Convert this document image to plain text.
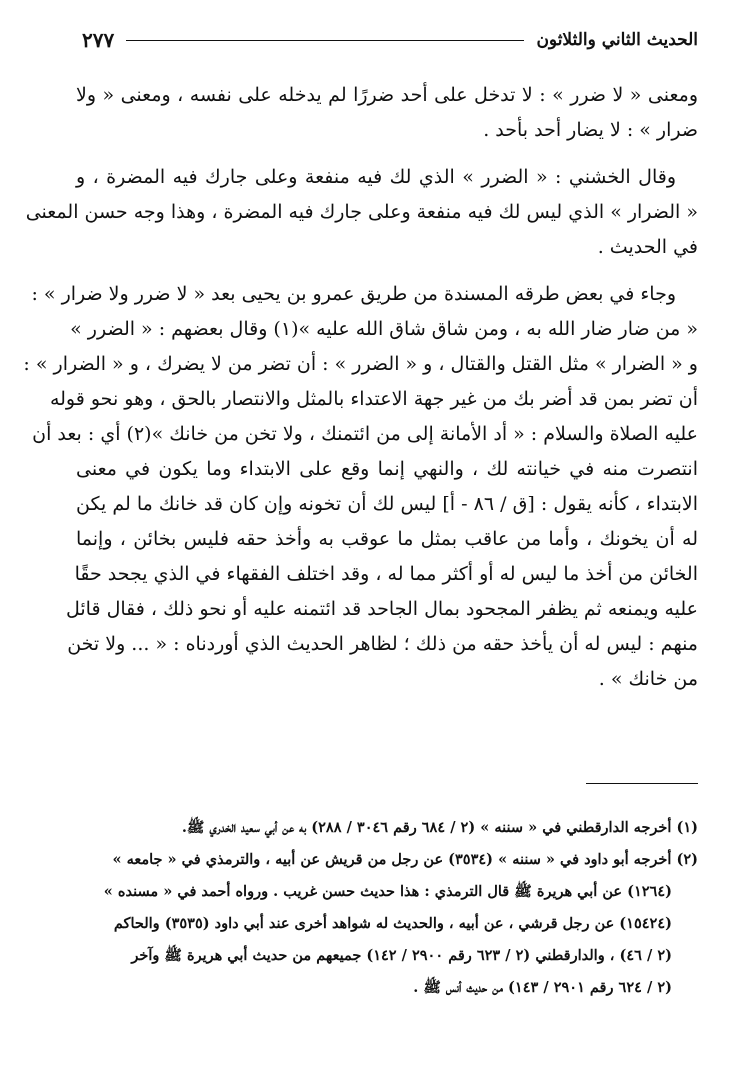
الحديث الثاني والثلاثون
٢٧٧
ومعنى « لا ضرر » : لا تدخل على أحد ضررًا لم يدخله على نفسه ، ومعنى « ولا
ضرار » : لا يضار أحد بأحد .
وقال الخشني : « الضرر » الذي لك فيه منفعة وعلى جارك فيه المضرة ، و
« الضرار » الذي ليس لك فيه منفعة وعلى جارك فيه المضرة ، وهذا وجه حسن المعنى
في الحديث .
وجاء في بعض طرقه المسندة من طريق عمرو بن يحيى بعد « لا ضرر ولا ضرار » :
« من ضار ضار الله به ، ومن شاق شاق الله عليه »(١) وقال بعضهم : « الضرر »
و « الضرار » مثل القتل والقتال ، و « الضرر » : أن تضر من لا يضرك ، و « الضرار » :
أن تضر بمن قد أضر بك من غير جهة الاعتداء بالمثل والانتصار بالحق ، وهو نحو قوله
عليه الصلاة والسلام : « أد الأمانة إلى من ائتمنك ، ولا تخن من خانك »(٢) أي : بعد أن
انتصرت منه في خيانته لك ، والنهي إنما وقع على الابتداء وما يكون في معنى
الابتداء ، كأنه يقول : [ق / ٨٦ - أ] ليس لك أن تخونه وإن كان قد خانك ما لم يكن
له أن يخونك ، وأما من عاقب بمثل ما عوقب به وأخذ حقه فليس بخائن ، وإنما
الخائن من أخذ ما ليس له أو أكثر مما له ، وقد اختلف الفقهاء في الذي يجحد حقًا
عليه ويمنعه ثم يظفر المجحود بمال الجاحد قد ائتمنه عليه أو نحو ذلك ، فقال قائل
منهم : ليس له أن يأخذ حقه من ذلك ؛ لظاهر الحديث الذي أوردناه : « ... ولا تخن
من خانك » .
(١) أخرجه الدارقطني في « سننه » (٢ / ٦٨٤ رقم ٣٠٤٦ / ٢٨٨) به عن أبي سعيد الخدري ﷺ.
(٢) أخرجه أبو داود في « سننه » (٣٥٣٤) عن رجل من قريش عن أبيه ، والترمذي في « جامعه »
(١٢٦٤) عن أبي هريرة ﷺ قال الترمذي : هذا حديث حسن غريب . ورواه أحمد في « مسنده »
(١٥٤٢٤) عن رجل قرشي ، عن أبيه ، والحديث له شواهد أخرى عند أبي داود (٣٥٣٥) والحاكم
(٢ / ٤٦) ، والدارقطني (٢ / ٦٢٣ رقم ٢٩٠٠ / ١٤٢) جميعهم من حديث أبي هريرة ﷺ وآخر
(٢ / ٦٢٤ رقم ٢٩٠١ / ١٤٣) من حديث أنس ﷺ .
